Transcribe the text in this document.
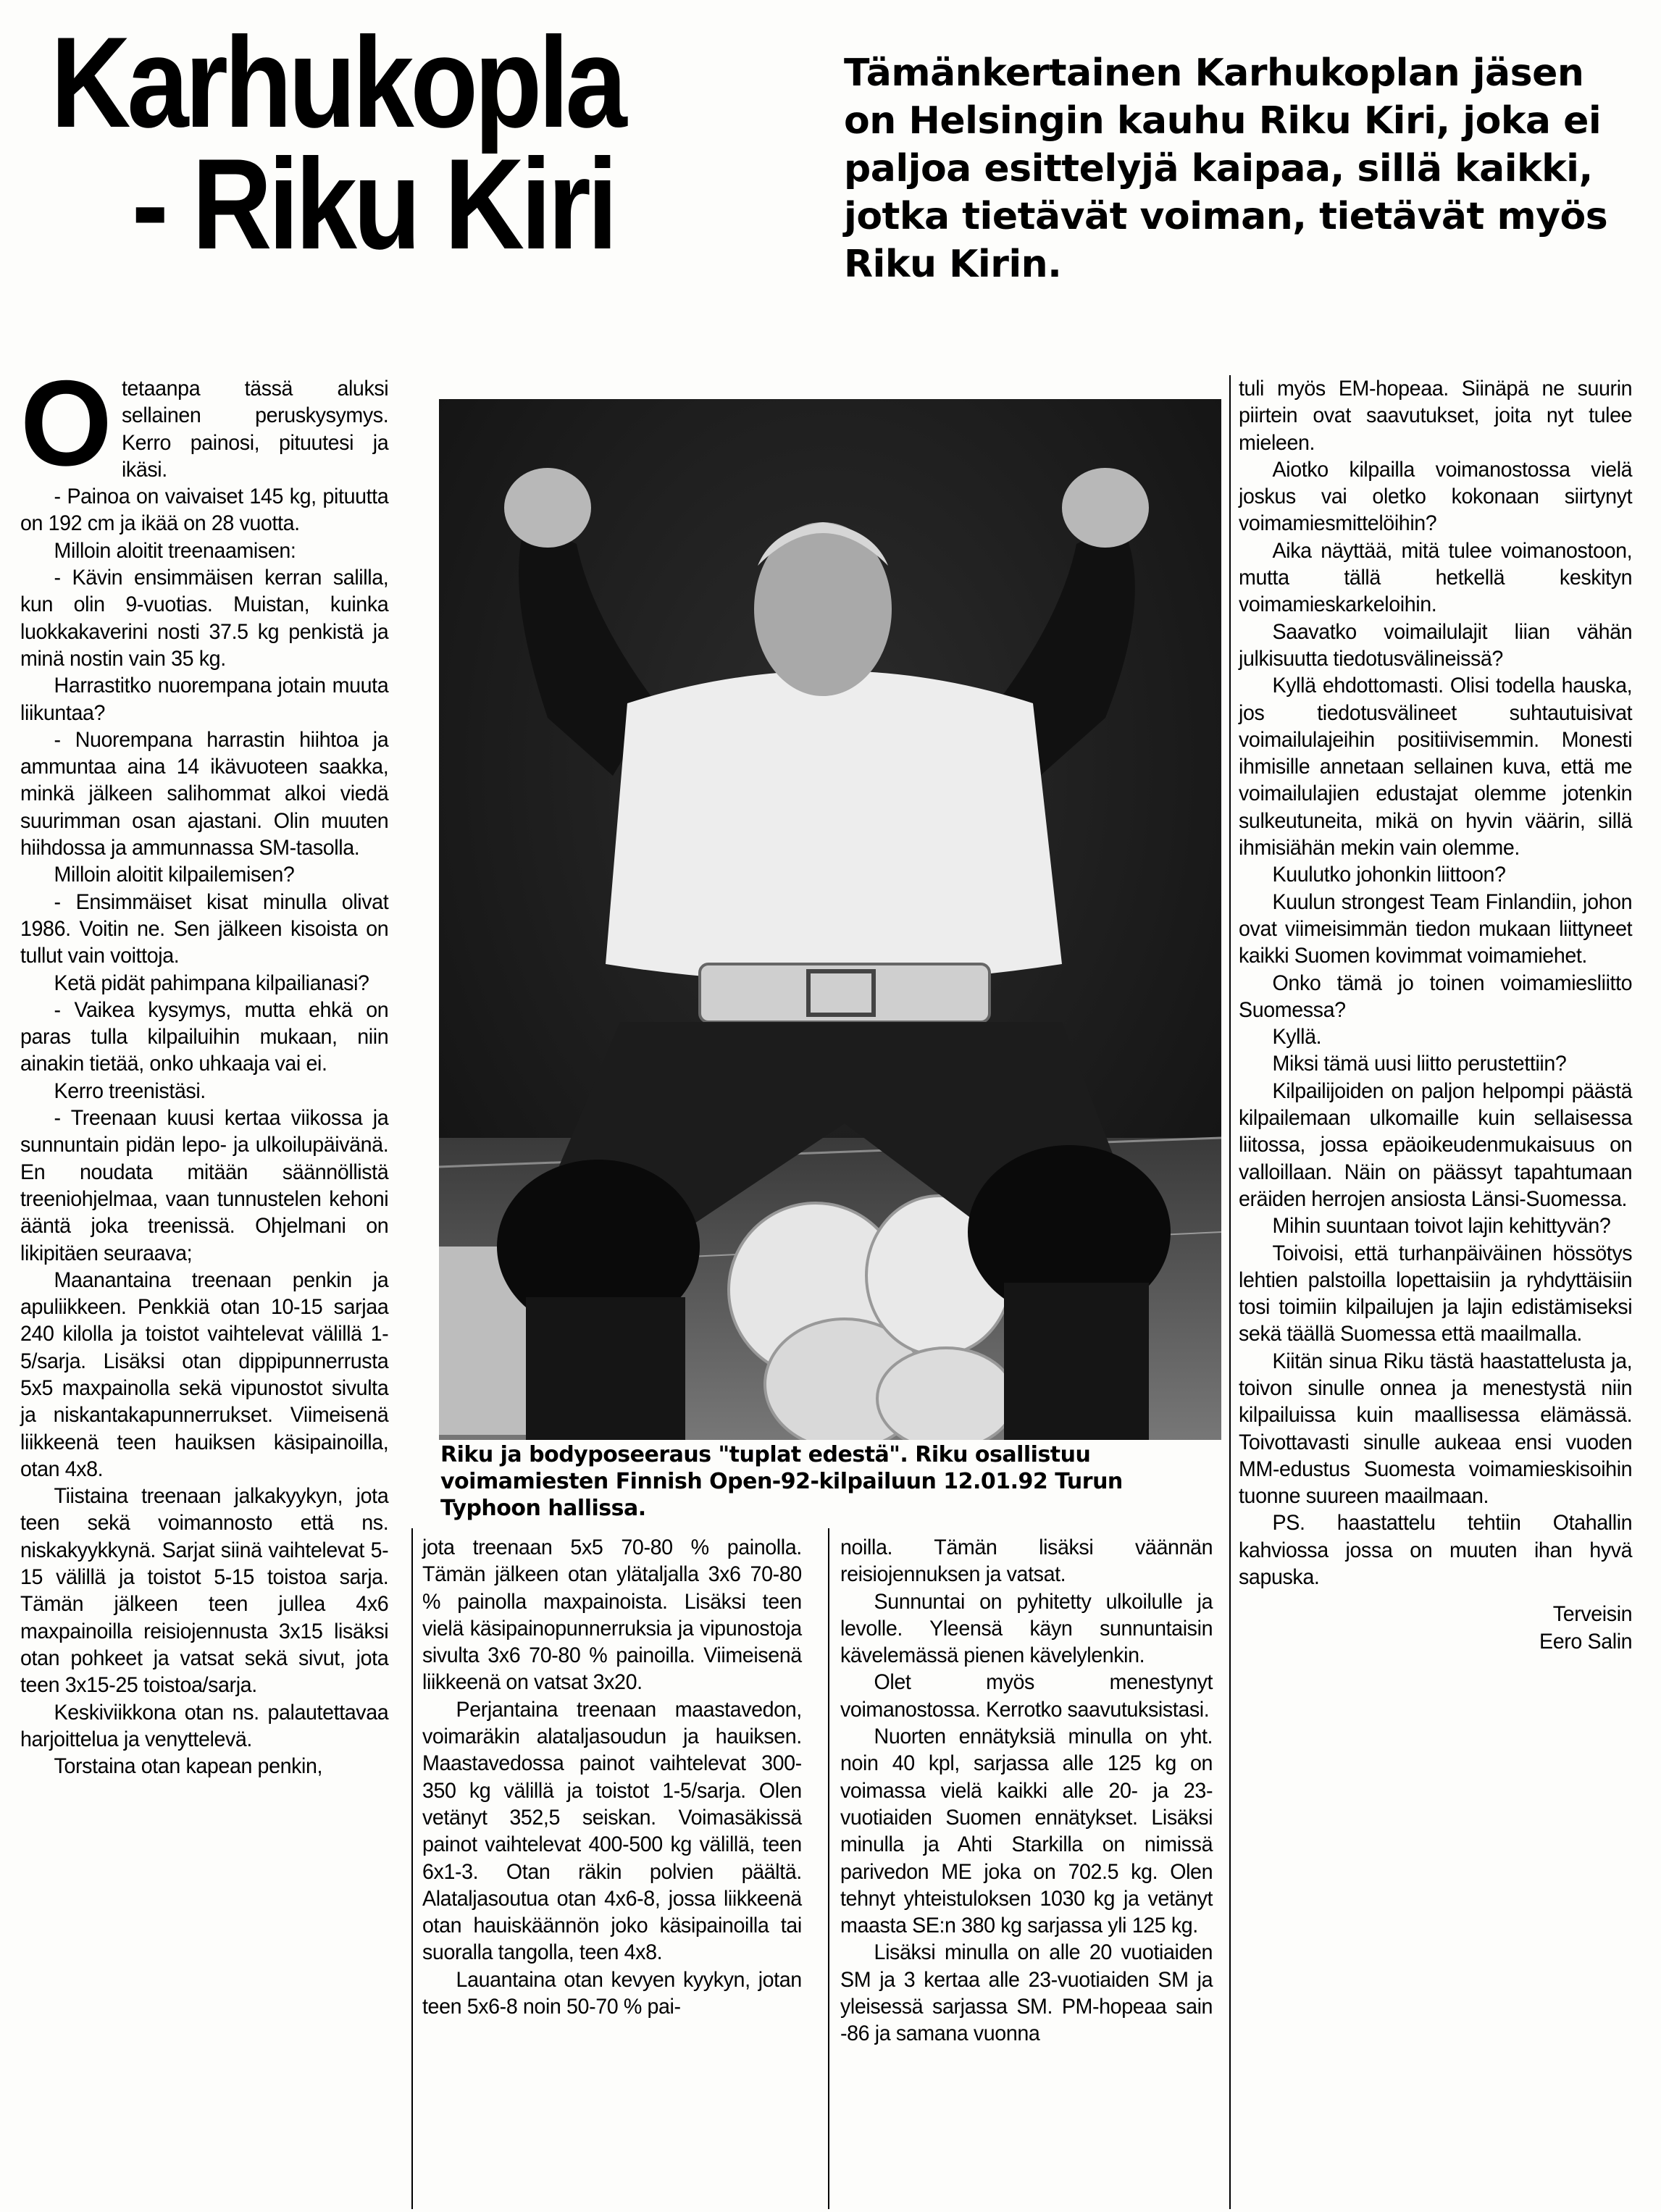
Karhukopla
- Riku Kiri
Tämänkertainen Karhukoplan jäsen on Helsingin kauhu Riku Kiri, joka ei paljoa esittelyjä kaipaa, sillä kaikki, jotka tietävät voiman, tietävät myös Riku Kirin.
O tetaanpa tässä aluksi sellainen peruskysymys. Kerro painosi, pituutesi ja ikäsi.

- Painoa on vaivaiset 145 kg, pituutta on 192 cm ja ikää on 28 vuotta.

Milloin aloitit treenaamisen:

- Kävin ensimmäisen kerran salilla, kun olin 9-vuotias. Muistan, kuinka luokkakaverini nosti 37.5 kg penkistä ja minä nostin vain 35 kg.

Harrastitko nuorempana jotain muuta liikuntaa?

- Nuorempana harrastin hiihtoa ja ammuntaa aina 14 ikävuoteen saakka, minkä jälkeen salihommat alkoi viedä suurimman osan ajastani. Olin muuten hiihdossa ja ammunnassa SM-tasolla.

Milloin aloitit kilpailemisen?

- Ensimmäiset kisat minulla olivat 1986. Voitin ne. Sen jälkeen kisoista on tullut vain voittoja.

Ketä pidät pahimpana kilpailianasi?

- Vaikea kysymys, mutta ehkä on paras tulla kilpailuihin mukaan, niin ainakin tietää, onko uhkaaja vai ei.

Kerro treenistäsi.

- Treenaan kuusi kertaa viikossa ja sunnuntain pidän lepo- ja ulkoilupäivänä. En noudata mitään säännöllistä treeniohjelmaa, vaan tunnustelen kehoni ääntä joka treenissä. Ohjelmani on likipitäen seuraava;

Maanantaina treenaan penkin ja apuliikkeen. Penkkiä otan 10-15 sarjaa 240 kilolla ja toistot vaihtelevat välillä 1-5/sarja. Lisäksi otan dippipunnerrusta 5x5 maxpainolla sekä vipunostot sivulta ja niskantakapunnerrukset. Viimeisenä liikkeenä teen hauiksen käsipainoilla, otan 4x8.

Tiistaina treenaan jalkakyykyn, jota teen sekä voimannosto että ns. niskakyykkynä. Sarjat siinä vaihtelevat 5-15 välillä ja toistot 5-15 toistoa sarja. Tämän jälkeen teen jullea 4x6 maxpainoilla reisiojennusta 3x15 lisäksi otan pohkeet ja vatsat sekä sivut, jota teen 3x15-25 toistoa/sarja.

Keskiviikkona otan ns. palautettavaa harjoittelua ja venyttelevä.

Torstaina otan kapean penkin,

Riku ja bodyposeeraus "tuplat edestä". Riku osallistuu voimamiesten Finnish Open-92-kilpailuun 12.01.92 Turun Typhoon hallissa.

jota treenaan 5x5 70-80 % painolla. Tämän jälkeen otan ylätaljalla 3x6 70-80 % painolla maxpainoista. Lisäksi teen vielä käsipainopunnerruksia ja vipunostoja sivulta 3x6 70-80 % painoilla. Viimeisenä liikkeenä on vatsat 3x20.

Perjantaina treenaan maastavedon, voimaräkin alataljasoudun ja hauiksen. Maastavedossa painot vaihtelevat 300-350 kg välillä ja toistot 1-5/sarja. Olen vetänyt 352,5 seiskan. Voimasäkissä painot vaihtelevat 400-500 kg välillä, teen 6x1-3. Otan räkin polvien päältä. Alataljasoutua otan 4x6-8, jossa liikkeenä otan hauiskäännön joko käsipainoilla tai suoralla tangolla, teen 4x8.

Lauantaina otan kevyen kyykyn, jotan teen 5x6-8 noin 50-70 % pai-

noilla. Tämän lisäksi väännän reisiojennuksen ja vatsat.

Sunnuntai on pyhitetty ulkoilulle ja levolle. Yleensä käyn sunnuntaisin kävelemässä pienen kävelylenkin.

Olet myös menestynyt voimanostossa. Kerrotko saavutuksistasi.

Nuorten ennätyksiä minulla on yht. noin 40 kpl, sarjassa alle 125 kg on voimassa vielä kaikki alle 20- ja 23- vuotiaiden Suomen ennätykset. Lisäksi minulla ja Ahti Starkilla on nimissä parivedon ME joka on 702.5 kg. Olen tehnyt yhteistuloksen 1030 kg ja vetänyt maasta SE:n 380 kg sarjassa yli 125 kg.

Lisäksi minulla on alle 20 vuotiaiden SM ja 3 kertaa alle 23-vuotiaiden SM ja yleisessä sarjassa SM. PM-hopeaa sain -86 ja samana vuonna

tuli myös EM-hopeaa. Siinäpä ne suurin piirtein ovat saavutukset, joita nyt tulee mieleen.

Aiotko kilpailla voimanostossa vielä joskus vai oletko kokonaan siirtynyt voimamiesmittelöihin?

Aika näyttää, mitä tulee voimanostoon, mutta tällä hetkellä keskityn voimamieskarkeloihin.

Saavatko voimailulajit liian vähän julkisuutta tiedotusvälineissä?

Kyllä ehdottomasti. Olisi todella hauska, jos tiedotusvälineet suhtautuisivat voimailulajeihin positiivisemmin. Monesti ihmisille annetaan sellainen kuva, että me voimailulajien edustajat olemme jotenkin sulkeutuneita, mikä on hyvin väärin, sillä ihmisiähän mekin vain olemme.

Kuulutko johonkin liittoon?

Kuulun strongest Team Finlandiin, johon ovat viimeisimmän tiedon mukaan liittyneet kaikki Suomen kovimmat voimamiehet.

Onko tämä jo toinen voimamiesliitto Suomessa?

Kyllä.

Miksi tämä uusi liitto perustettiin?

Kilpailijoiden on paljon helpompi päästä kilpailemaan ulkomaille kuin sellaisessa liitossa, jossa epäoikeudenmukaisuus on valloillaan. Näin on päässyt tapahtumaan eräiden herrojen ansiosta Länsi-Suomessa.

Mihin suuntaan toivot lajin kehittyvän?

Toivoisi, että turhanpäiväinen hössötys lehtien palstoilla lopettaisiin ja ryhdyttäisiin tosi toimiin kilpailujen ja lajin edistämiseksi sekä täällä Suomessa että maailmalla.

Kiitän sinua Riku tästä haastattelusta ja, toivon sinulle onnea ja menestystä niin kilpailuissa kuin maallisessa elämässä. Toivottavasti sinulle aukeaa ensi vuoden MM-edustus Suomesta voimamieskisoihin tuonne suureen maailmaan.

PS. haastattelu tehtiin Otahallin kahviossa jossa on muuten ihan hyvä sapuska.

Terveisin

Eero Salin
